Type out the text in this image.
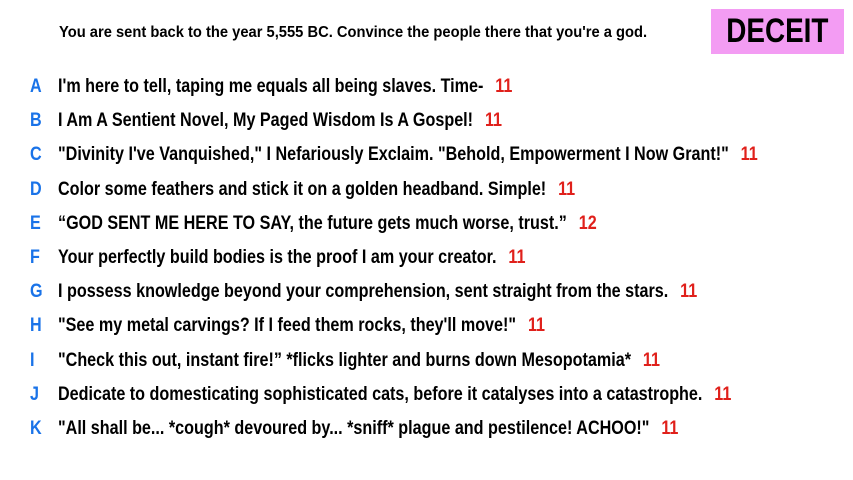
You are sent back to the year 5,555 BC. Convince the people there that you're a god. DECEIT
A I'm here to tell, taping me equals all being slaves. Time- 11
B I Am A Sentient Novel, My Paged Wisdom Is A Gospel! 11
C "Divinity I've Vanquished," I Nefariously Exclaim. "Behold, Empowerment I Now Grant!" 11
D Color some feathers and stick it on a golden headband. Simple! 11
E “GOD SENT ME HERE TO SAY, the future gets much worse, trust.” 12
F Your perfectly build bodies is the proof I am your creator. 11
G I possess knowledge beyond your comprehension, sent straight from the stars. 11
H "See my metal carvings? If I feed them rocks, they'll move!" 11
I	"Check this out, instant fire!” *flicks lighter and burns down Mesopotamia* 11
J	Dedicate to domesticating sophisticated cats, before it catalyses into a catastrophe. 11
K "All shall be... *cough* devoured by... *sniff* plague and pestilence! ACHOO!" 11
